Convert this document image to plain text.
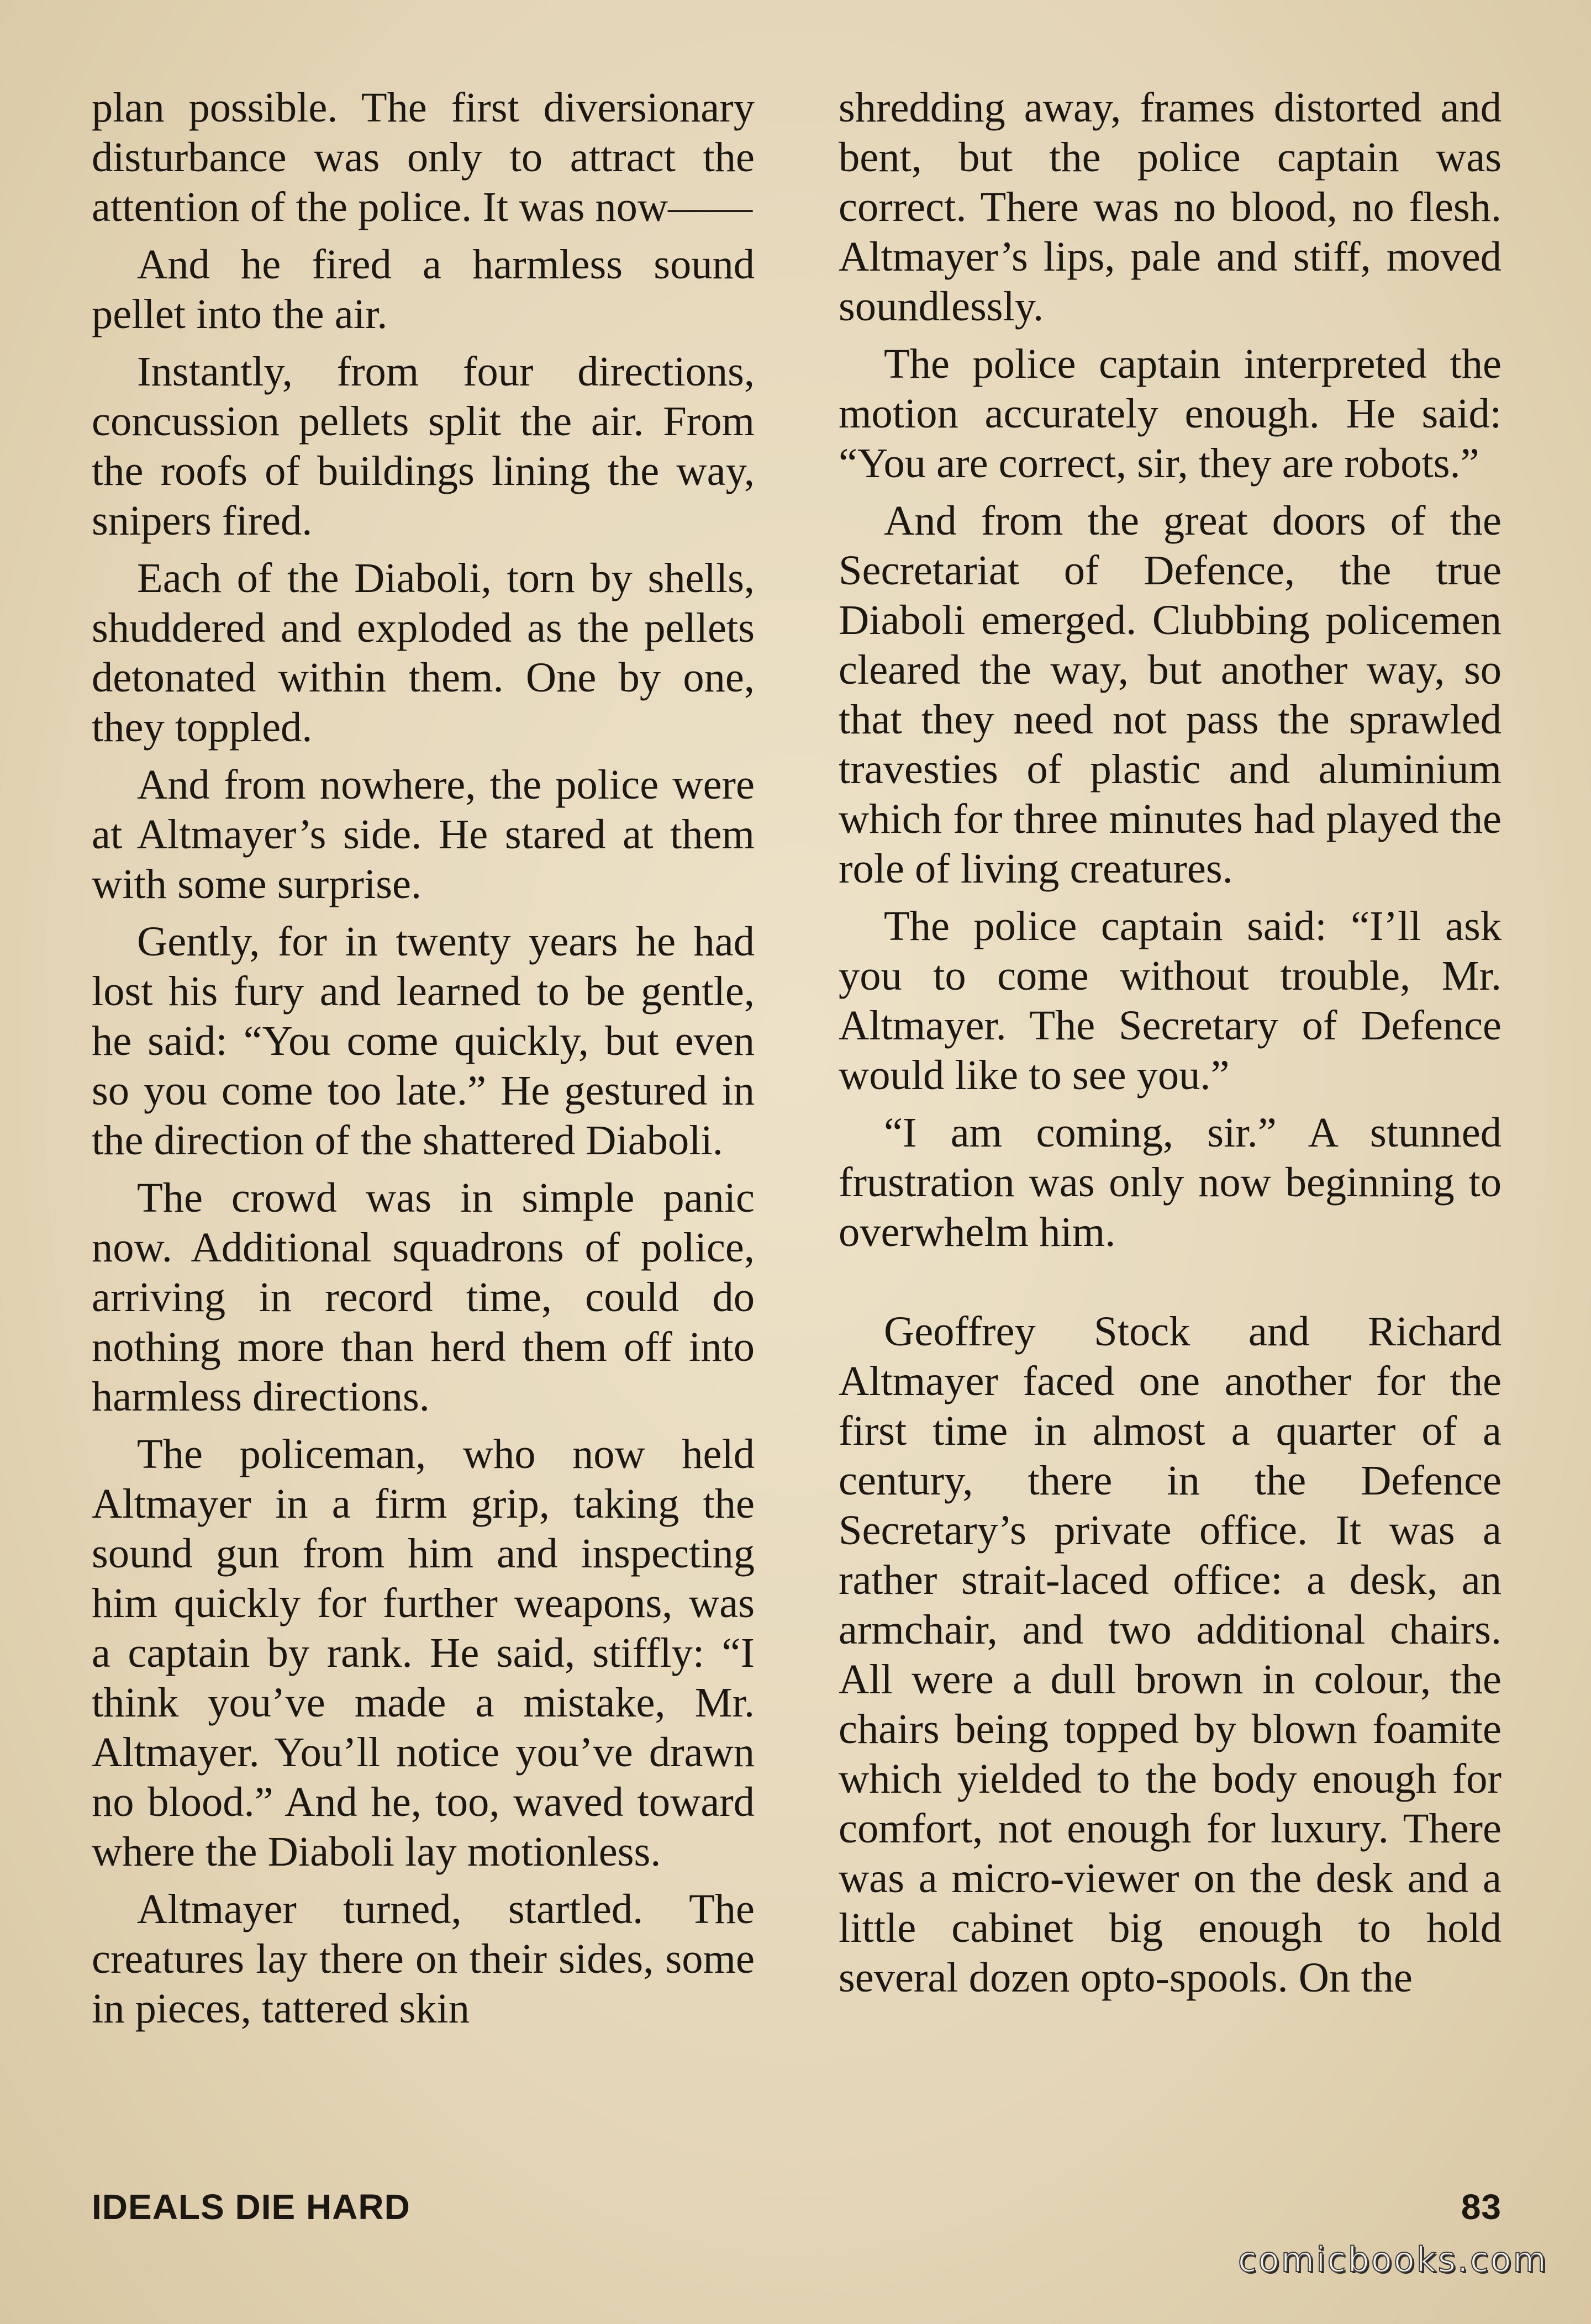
plan possible. The first diversionary disturbance was only to attract the attention of the police. It was now——

And he fired a harmless sound pellet into the air.

Instantly, from four directions, concussion pellets split the air. From the roofs of buildings lining the way, snipers fired.

Each of the Diaboli, torn by shells, shuddered and exploded as the pellets detonated within them. One by one, they toppled.

And from nowhere, the police were at Altmayer’s side. He stared at them with some surprise.

Gently, for in twenty years he had lost his fury and learned to be gentle, he said: “You come quickly, but even so you come too late.” He gestured in the direction of the shattered Diaboli.

The crowd was in simple panic now. Additional squadrons of police, arriving in record time, could do nothing more than herd them off into harmless directions.

The policeman, who now held Altmayer in a firm grip, taking the sound gun from him and inspecting him quickly for further weapons, was a captain by rank. He said, stiffly: “I think you’ve made a mistake, Mr. Altmayer. You’ll notice you’ve drawn no blood.” And he, too, waved toward where the Diaboli lay motionless.

Altmayer turned, startled. The creatures lay there on their sides, some in pieces, tattered skin

shredding away, frames distorted and bent, but the police captain was correct. There was no blood, no flesh. Altmayer’s lips, pale and stiff, moved soundlessly.

The police captain interpreted the motion accurately enough. He said: “You are correct, sir, they are robots.”

And from the great doors of the Secretariat of Defence, the true Diaboli emerged. Clubbing policemen cleared the way, but another way, so that they need not pass the sprawled travesties of plastic and aluminium which for three minutes had played the role of living creatures.

The police captain said: “I’ll ask you to come without trouble, Mr. Altmayer. The Secretary of Defence would like to see you.”

“I am coming, sir.” A stunned frustration was only now beginning to overwhelm him.

Geoffrey Stock and Richard Altmayer faced one another for the first time in almost a quarter of a century, there in the Defence Secretary’s private office. It was a rather strait-laced office: a desk, an armchair, and two additional chairs. All were a dull brown in colour, the chairs being topped by blown foamite which yielded to the body enough for comfort, not enough for luxury. There was a micro-viewer on the desk and a little cabinet big enough to hold several dozen opto-spools. On the

IDEALS DIE HARD	83
comicbooks.com
